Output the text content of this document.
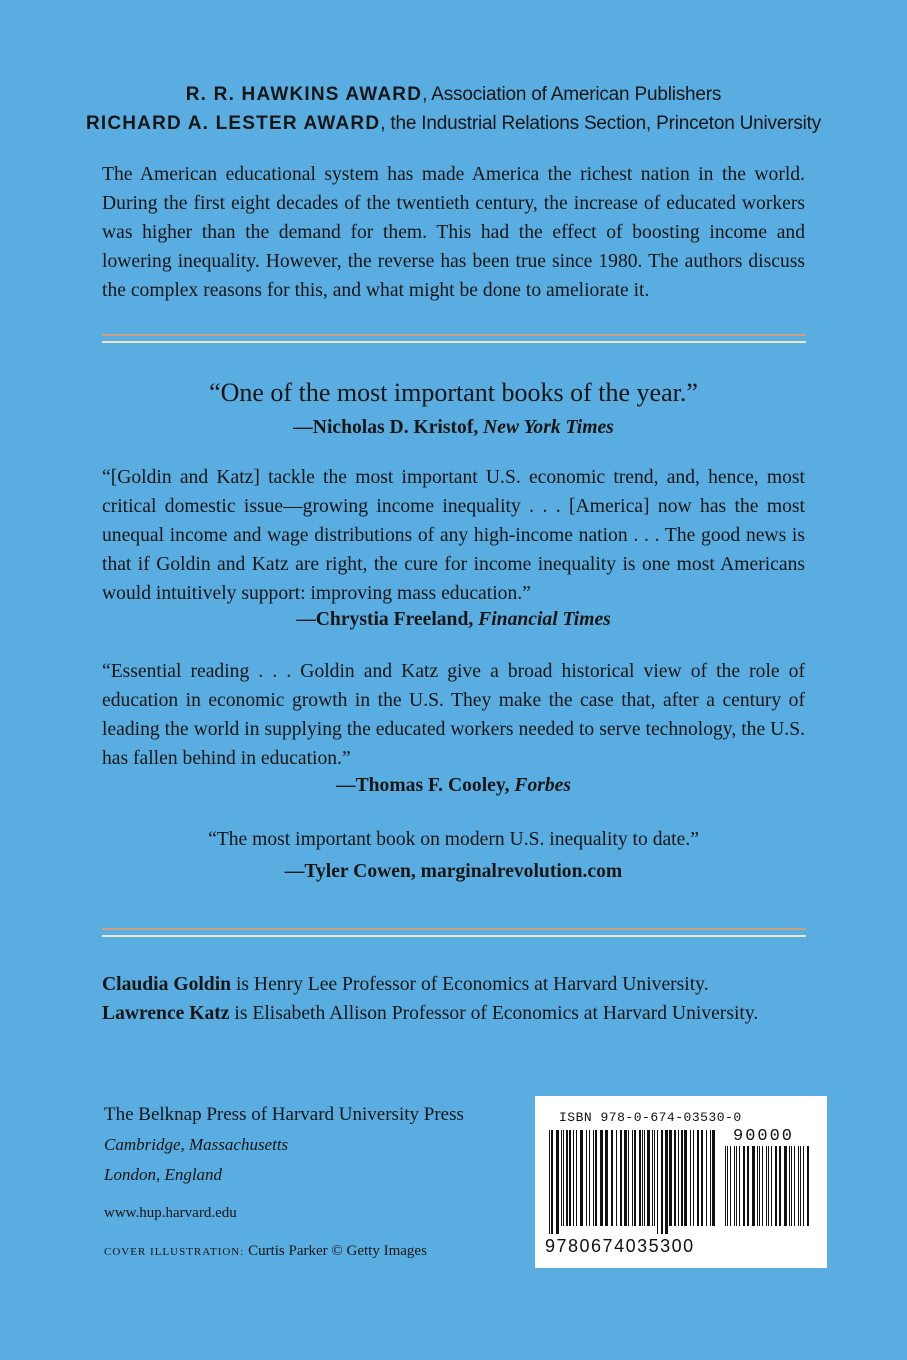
R. R. HAWKINS AWARD, Association of American Publishers
RICHARD A. LESTER AWARD, the Industrial Relations Section, Princeton University

The American educational system has made America the richest nation in the world. During the first eight decades of the twentieth century, the increase of educated workers was higher than the demand for them. This had the effect of boosting income and lowering inequality. However, the reverse has been true since 1980. The authors discuss the complex reasons for this, and what might be done to ameliorate it.

“One of the most important books of the year.”

—Nicholas D. Kristof, New York Times

“[Goldin and Katz] tackle the most important U.S. economic trend, and, hence, most critical domestic issue—growing income inequality . . . [America] now has the most unequal income and wage distributions of any high-income nation . . . The good news is that if Goldin and Katz are right, the cure for income inequality is one most Americans would intuitively support: improving mass education.”

—Chrystia Freeland, Financial Times

“Essential reading . . . Goldin and Katz give a broad historical view of the role of education in economic growth in the U.S. They make the case that, after a century of leading the world in supplying the educated workers needed to serve technology, the U.S. has fallen behind in education.”

—Thomas F. Cooley, Forbes

“The most important book on modern U.S. inequality to date.”

—Tyler Cowen, marginalrevolution.com

Claudia Goldin is Henry Lee Professor of Economics at Harvard University.

Lawrence Katz is Elisabeth Allison Professor of Economics at Harvard University.

The Belknap Press of Harvard University Press
Cambridge, Massachusetts
London, England
www.hup.harvard.edu
COVER ILLUSTRATION: Curtis Parker © Getty Images
ISBN 978-0-674-03530-0
90000
9780674035300
